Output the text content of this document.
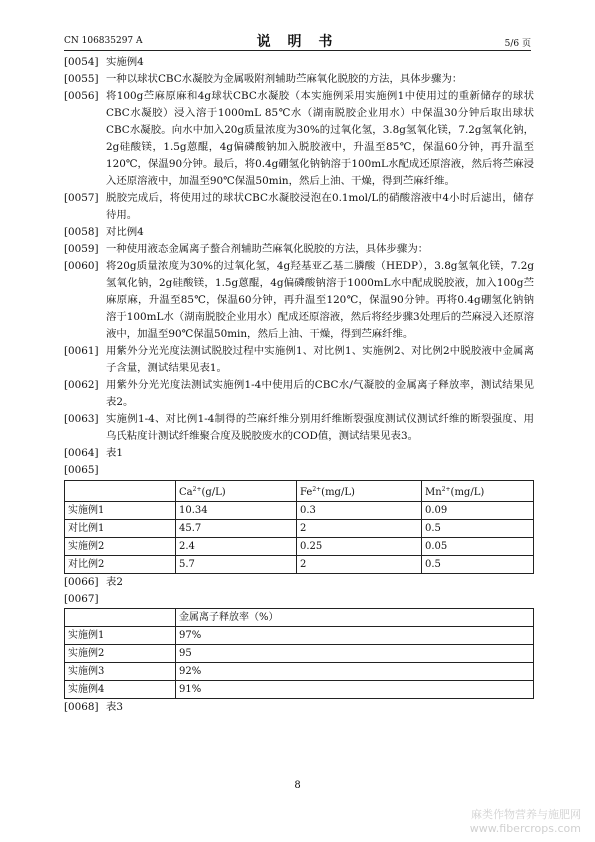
CN 106835297 A	说 明 书	5/6 页
[0054] 实施例4
[0055] 一种以球状CBC水凝胶为金属吸附剂辅助苎麻氧化脱胶的方法，具体步骤为：
[0056] 将100g苎麻原麻和4g球状CBC水凝胶（本实施例采用实施例1中使用过的重新储存的球状CBC水凝胶）浸入溶于1000mL 85℃水（湖南脱胶企业用水）中保温30分钟后取出球状CBC水凝胶。向水中加入20g质量浓度为30%的过氧化氢，3.8g氢氧化镁，7.2g氢氧化钠，2g硅酸镁，1.5g蒽醌，4g偏磷酸钠加入脱胶液中，升温至85℃，保温60分钟，再升温至120℃，保温90分钟。最后，将0.4g硼氢化钠钠溶于100mL水配成还原溶液，然后将苎麻浸入还原溶液中，加温至90℃保温50min，然后上油、干燥，得到苎麻纤维。
[0057] 脱胶完成后，将使用过的球状CBC水凝胶浸泡在0.1mol/L的硝酸溶液中4小时后滤出，储存待用。
[0058] 对比例4
[0059] 一种使用液态金属离子螯合剂辅助苎麻氧化脱胶的方法，具体步骤为：
[0060] 将20g质量浓度为30%的过氧化氢，4g羟基亚乙基二膦酸（HEDP），3.8g氢氧化镁，7.2g氢氧化钠，2g硅酸镁，1.5g蒽醌，4g偏磷酸钠溶于1000mL水中配成脱胶液，加入100g苎麻原麻，升温至85℃，保温60分钟，再升温至120℃，保温90分钟。再将0.4g硼氢化钠钠溶于100mL水（湖南脱胶企业用水）配成还原溶液，然后将经步骤3处理后的苎麻浸入还原溶液中，加温至90℃保温50min，然后上油、干燥，得到苎麻纤维。
[0061] 用紫外分光光度法测试脱胶过程中实施例1、对比例1、实施例2、对比例2中脱胶液中金属离子含量，测试结果见表1。
[0062] 用紫外分光光度法测试实施例1-4中使用后的CBC水/气凝胶的金属离子释放率，测试结果见表2。
[0063] 实施例1-4、对比例1-4制得的苎麻纤维分别用纤维断裂强度测试仪测试纤维的断裂强度、用乌氏粘度计测试纤维聚合度及脱胶废水的COD值，测试结果见表3。
[0064] 表1
[0065]
	$Ca^{2+}(g/L)$	$Fe^{2+}(mg/L)$	$Mn^{2+}(mg/L)$
实施例1	10.34	0.3	0.09
对比例1	45.7	2	0.5
实施例2	2.4	0.25	0.05
对比例2	5.7	2	0.5
[0066] 表2
[0067]
	金属离子释放率（%）
实施例1	97%
实施例2	95
实施例3	92%
实施例4	91%
[0068] 表3
8
麻类作物营养与施肥网
www.fibercrops.com
